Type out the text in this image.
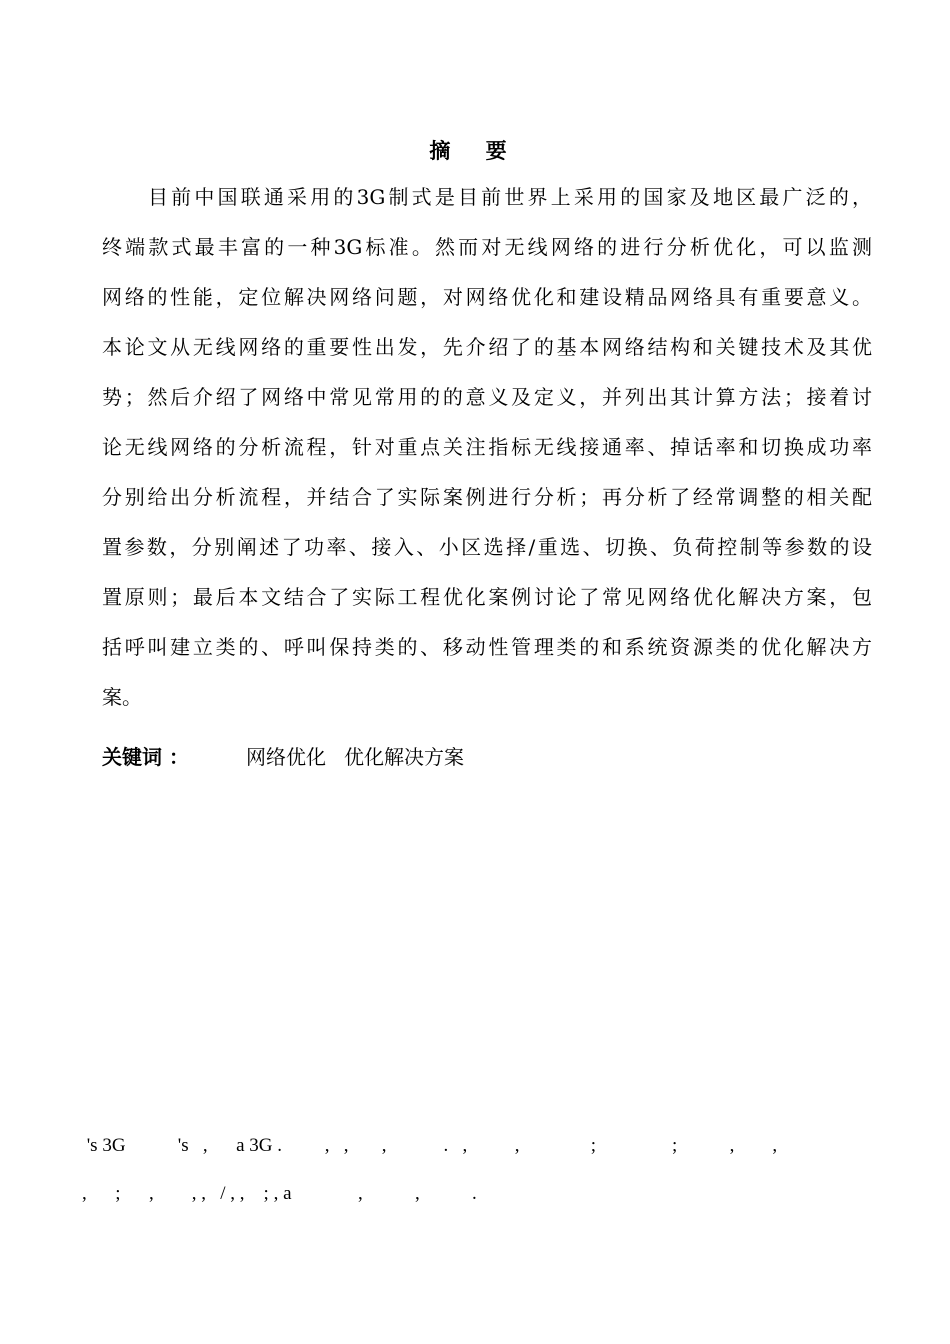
摘 要
目前中国联通采用的3G制式是目前世界上采用的国家及地区最广泛的，
终端款式最丰富的一种3G标准。然而对无线网络的进行分析优化，可以监测
网络的性能，定位解决网络问题，对网络优化和建设精品网络具有重要意义。
本论文从无线网络的重要性出发，先介绍了的基本网络结构和关键技术及其优
势；然后介绍了网络中常见常用的的意义及定义，并列出其计算方法；接着讨
论无线网络的分析流程，针对重点关注指标无线接通率、掉话率和切换成功率
分别给出分析流程，并结合了实际案例进行分析；再分析了经常调整的相关配
置参数，分别阐述了功率、接入、小区选择/重选、切换、负荷控制等参数的设
置原则；最后本文结合了实际工程优化案例讨论了常见网络优化解决方案，包
括呼叫建立类的、呼叫保持类的、移动性管理类的和系统资源类的优化解决方
案。
关键词 ：	网络优化 优化解决方案
's 3G           's   ,      a 3G .         ,   ,       ,            .   ,          ,               ;                ;           ,        ,
,      ;      ,        , ,   / , ,    ; , a              ,           ,           .
